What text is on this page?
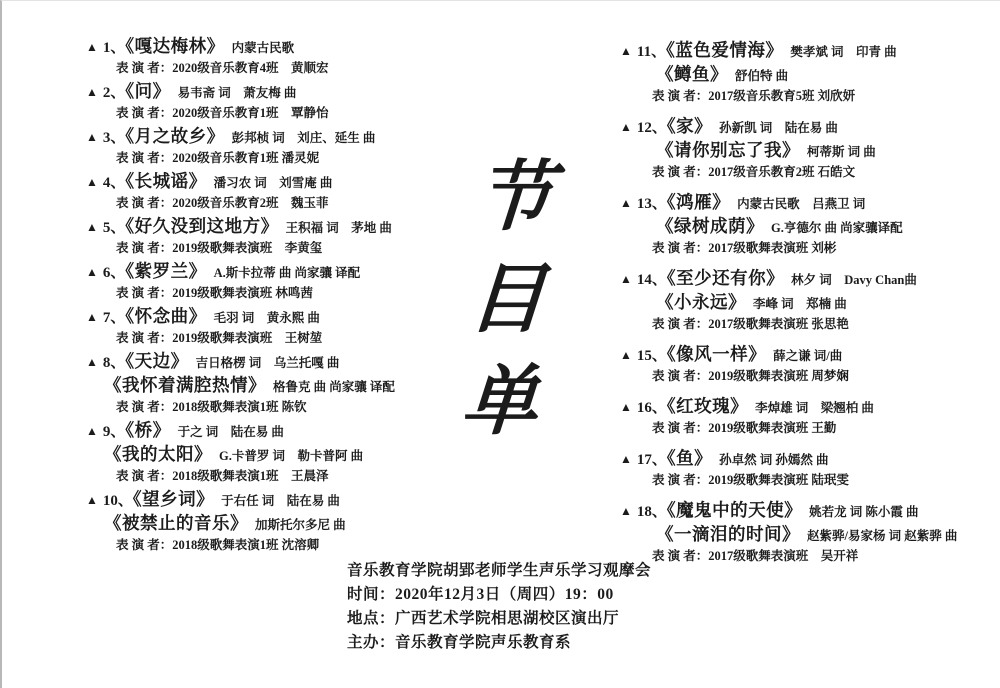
▲ 1、《嘎达梅林》 内蒙古民歌
表 演 者：2020级音乐教育4班　黄顺宏
▲ 2、《问》 易韦斋 词　萧友梅 曲
表 演 者：2020级音乐教育1班　覃静怡
▲ 3、《月之故乡》 彭邦桢 词　刘庄、延生 曲
表 演 者：2020级音乐教育1班 潘灵妮
▲ 4、《长城谣》 潘习农 词　刘雪庵 曲
表 演 者：2020级音乐教育2班　魏玉菲
▲ 5、《好久没到这地方》 王积福 词　茅地 曲
表 演 者：2019级歌舞表演班　李黄玺
▲ 6、《紫罗兰》 A.斯卡拉蒂 曲 尚家骧 译配
表 演 者：2019级歌舞表演班 林鸣茜
▲ 7、《怀念曲》 毛羽 词　黄永熙 曲
表 演 者：2019级歌舞表演班　王树堃
▲ 8、《天边》 吉日格楞 词　乌兰托嘎 曲
《我怀着满腔热情》 格鲁克 曲 尚家骧 译配
表 演 者：2018级歌舞表演1班 陈钦
▲ 9、《桥》 于之 词　陆在易 曲
《我的太阳》 G.卡普罗 词　勒卡普阿 曲
表 演 者：2018级歌舞表演1班　王晨泽
▲ 10、《望乡词》 于右任 词　陆在易 曲
《被禁止的音乐》 加斯托尔多尼 曲
表 演 者：2018级歌舞表演1班 沈溶卿
节
目
单
▲ 11、《蓝色爱情海》 樊孝斌 词　印青 曲
《鳟鱼》 舒伯特 曲
表 演 者：2017级音乐教育5班 刘欣妍
▲ 12、《家》 孙新凯 词　陆在易 曲
《请你别忘了我》 柯蒂斯 词 曲
表 演 者：2017级音乐教育2班 石皓文
▲ 13、《鸿雁》 内蒙古民歌　吕燕卫 词
《绿树成荫》 G.亨德尔 曲 尚家骧译配
表 演 者：2017级歌舞表演班 刘彬
▲ 14、《至少还有你》 林夕 词　Davy Chan曲
《小永远》 李峰 词　郑楠 曲
表 演 者：2017级歌舞表演班 张思艳
▲ 15、《像风一样》 薛之谦 词/曲
表 演 者：2019级歌舞表演班 周梦娴
▲ 16、《红玫瑰》 李焯雄 词　梁翘柏 曲
表 演 者：2019级歌舞表演班 王勤
▲ 17、《鱼》 孙卓然 词 孙嫣然 曲
表 演 者：2019级歌舞表演班 陆珉雯
▲ 18、《魔鬼中的天使》 姚若龙 词 陈小霞 曲
《一滴泪的时间》 赵紫骅/易家杨 词 赵紫骅 曲
表 演 者：2017级歌舞表演班　吴开祥
音乐教育学院胡郢老师学生声乐学习观摩会
时间：2020年12月3日（周四）19：00
地点：广西艺术学院相思湖校区演出厅
主办：音乐教育学院声乐教育系
